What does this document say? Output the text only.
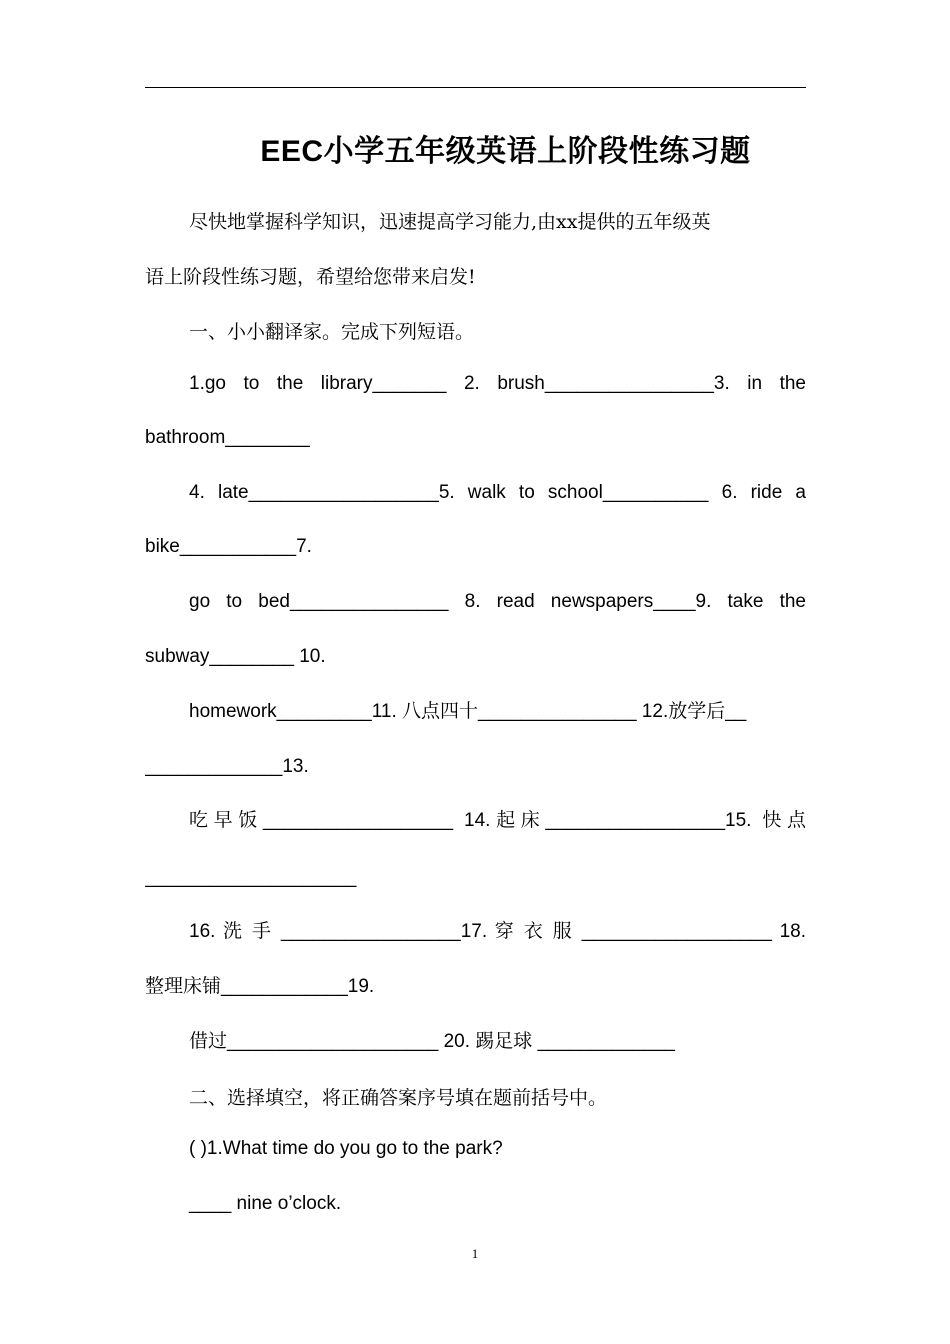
EEC小学五年级英语上阶段性练习题
尽快地掌握科学知识，迅速提高学习能力,由xx提供的五年级英
语上阶段性练习题，希望给您带来启发!
一、小小翻译家。完成下列短语。
1.go to the library_______ 2. brush________________3. in the
bathroom________
4. late__________________5. walk to school__________ 6. ride a
bike___________7.
go to bed_______________ 8. read newspapers____9. take the
subway________ 10.
homework_________11. 八点四十_______________ 12.放学后__
_____________13.
吃早饭__________________ 14.起床_________________15. 快点
____________________
16. 洗 手 _________________17. 穿 衣 服 __________________ 18.
整理床铺____________19.
借过____________________ 20. 踢足球 _____________
二、选择填空，将正确答案序号填在题前括号中。
( )1.What time do you go to the park?
____ nine o’clock.
1
